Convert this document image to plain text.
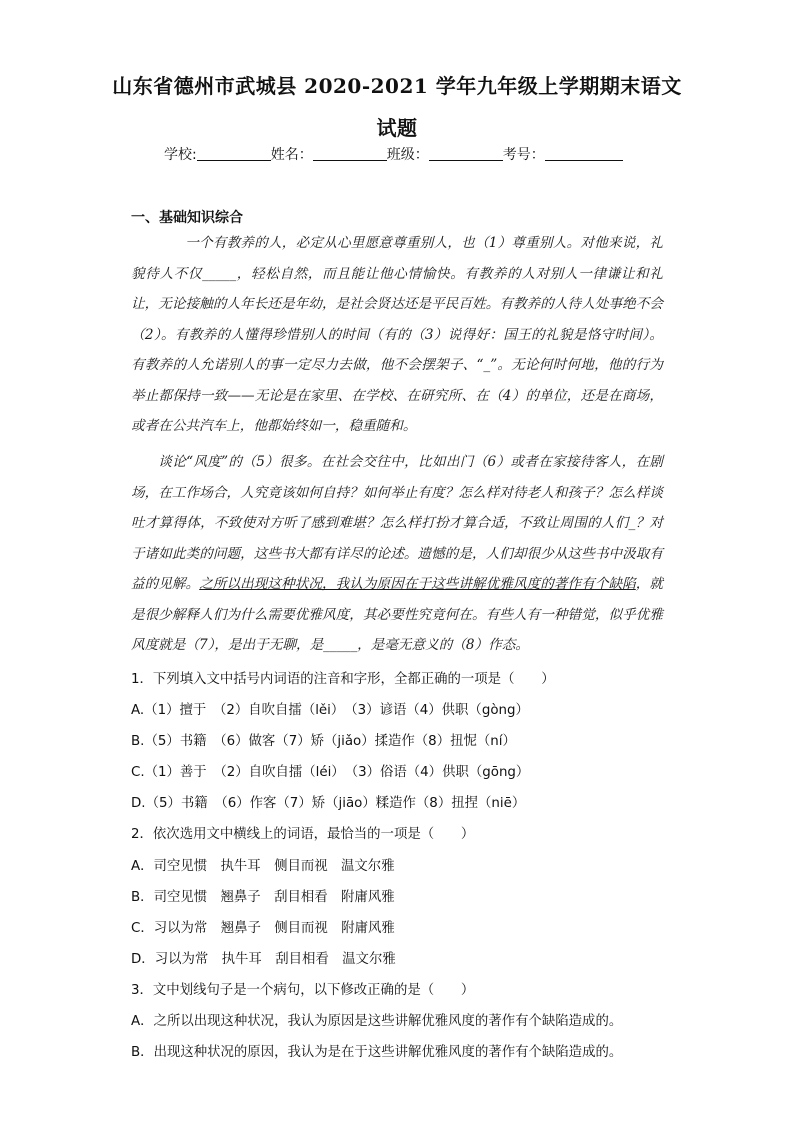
山东省德州市武城县 2020-2021 学年九年级上学期期末语文
试题
学校:	姓名：	班级：	考号：
一、基础知识综合
一个有教养的人，必定从心里愿意尊重别人，也（1）尊重别人。对他来说，礼貌待人不仅_____，轻松自然，而且能让他心情愉快。有教养的人对别人一律谦让和礼让，无论接触的人年长还是年幼，是社会贤达还是平民百姓。有教养的人待人处事绝不会（2）。有教养的人懂得珍惜别人的时间（有的（3）说得好：国王的礼貌是恪守时间）。有教养的人允诺别人的事一定尽力去做，他不会摆架子、“_”。无论何时何地，他的行为举止都保持一致——无论是在家里、在学校、在研究所、在（4）的单位，还是在商场，或者在公共汽车上，他都始终如一，稳重随和。
谈论“风度”的（5）很多。在社会交往中，比如出门（6）或者在家接待客人，在剧场，在工作场合，人究竟该如何自持？如何举止有度？怎么样对待老人和孩子？怎么样谈吐才算得体，不致使对方听了感到难堪？怎么样打扮才算合适，不致让周围的人们_？对于诸如此类的问题，这些书大都有详尽的论述。遗憾的是，人们却很少从这些书中汲取有益的见解。之所以出现这种状况，我认为原因在于这些讲解优雅风度的著作有个缺陷，就是很少解释人们为什么需要优雅风度，其必要性究竟何在。有些人有一种错觉，似乎优雅风度就是（7），是出于无聊，是_____，是毫无意义的（8）作态。
1．下列填入文中括号内词语的注音和字形，全都正确的一项是（　　）
A.（1）擅于　（2）自吹自擂（lěi）　（3）谚语（4）供职（gòng）
B.（5）书籍　（6）做客（7）矫（jiǎo）揉造作（8）扭怩（ní）
C.（1）善于　（2）自吹自擂（léi）　（3）俗语（4）供职（gōng）
D.（5）书籍　（6）作客（7）矫（jiāo）糅造作（8）扭捏（niē）
2．依次选用文中横线上的词语，最恰当的一项是（　　）
A．司空见惯　执牛耳　侧目而视　温文尔雅
B．司空见惯　翘鼻子　刮目相看　附庸风雅
C．习以为常　翘鼻子　侧目而视　附庸风雅
D．习以为常　执牛耳　刮目相看　温文尔雅
3．文中划线句子是一个病句，以下修改正确的是（　　）
A．之所以出现这种状况，我认为原因是这些讲解优雅风度的著作有个缺陷造成的。
B．出现这种状况的原因，我认为是在于这些讲解优雅风度的著作有个缺陷造成的。
